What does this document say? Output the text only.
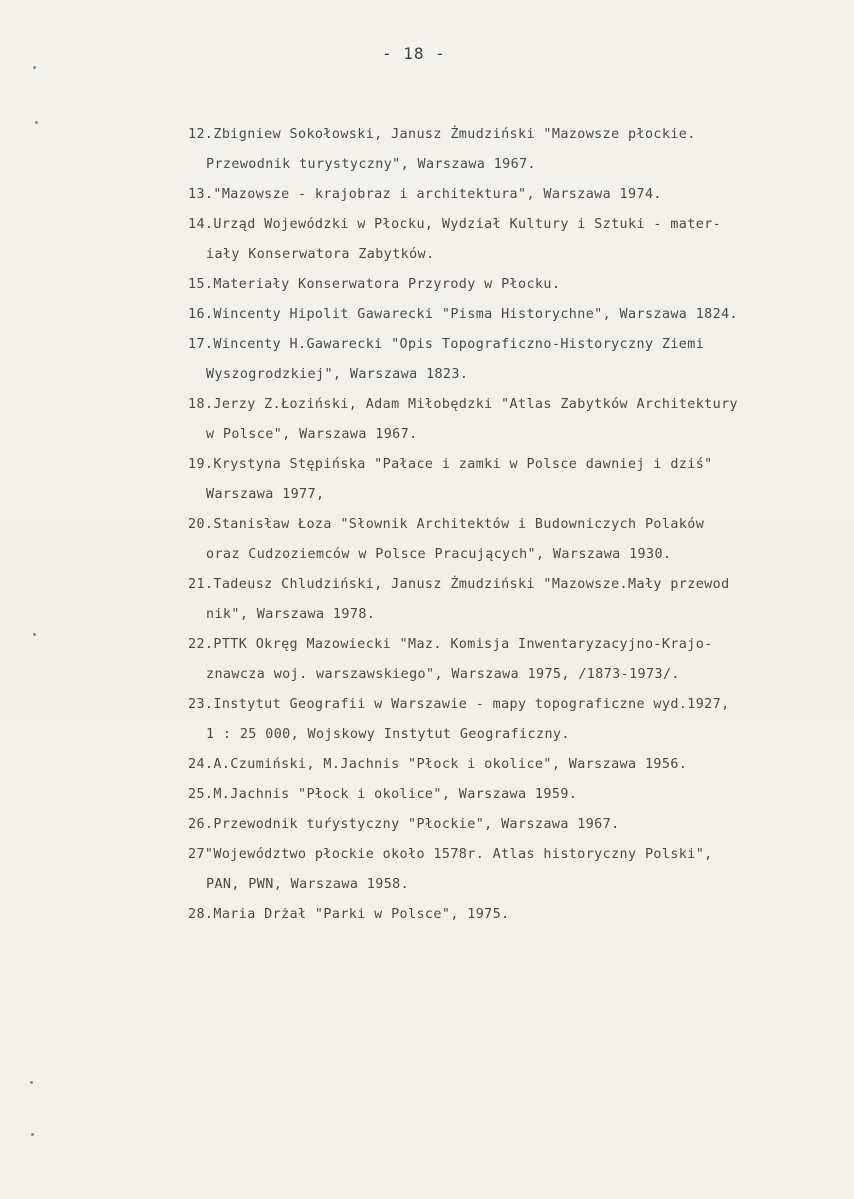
- 18 -
12.Zbigniew Sokołowski, Janusz Żmudziński "Mazowsze płockie.
Przewodnik turystyczny", Warszawa 1967.
13."Mazowsze - krajobraz i architektura", Warszawa 1974.
14.Urząd Wojewódzki w Płocku, Wydział Kultury i Sztuki - mater-
iały Konserwatora Zabytków.
15.Materiały Konserwatora Przyrody w Płocku.
16.Wincenty Hipolit Gawarecki "Pisma Historychne", Warszawa 1824.
17.Wincenty H.Gawarecki "Opis Topograficzno-Historyczny Ziemi
Wyszogrodzkiej", Warszawa 1823.
18.Jerzy Z.Łoziński, Adam Miłobędzki "Atlas Zabytków Architektury
w Polsce", Warszawa 1967.
19.Krystyna Stępińska "Pałace i zamki w Polsce dawniej i dziś"
Warszawa 1977,
20.Stanisław Łoza "Słownik Architektów i Budowniczych Polaków
oraz Cudzoziemców w Polsce Pracujących", Warszawa 1930.
21.Tadeusz Chludziński, Janusz Żmudziński "Mazowsze.Mały przewod
nik", Warszawa 1978.
22.PTTK Okręg Mazowiecki "Maz. Komisja Inwentaryzacyjno-Krajo-
znawcza woj. warszawskiego", Warszawa 1975, /1873-1973/.
23.Instytut Geografii w Warszawie - mapy topograficzne wyd.1927,
1 : 25 000, Wojskowy Instytut Geograficzny.
24.A.Czumiński, M.Jachnis "Płock i okolice", Warszawa 1956.
25.M.Jachnis "Płock i okolice", Warszawa 1959.
26.Przewodnik tuŕystyczny "Płockie", Warszawa 1967.
27"Województwo płockie około 1578r. Atlas historyczny Polski",
PAN, PWN, Warszawa 1958.
28.Maria Drżał "Parki w Polsce", 1975.
